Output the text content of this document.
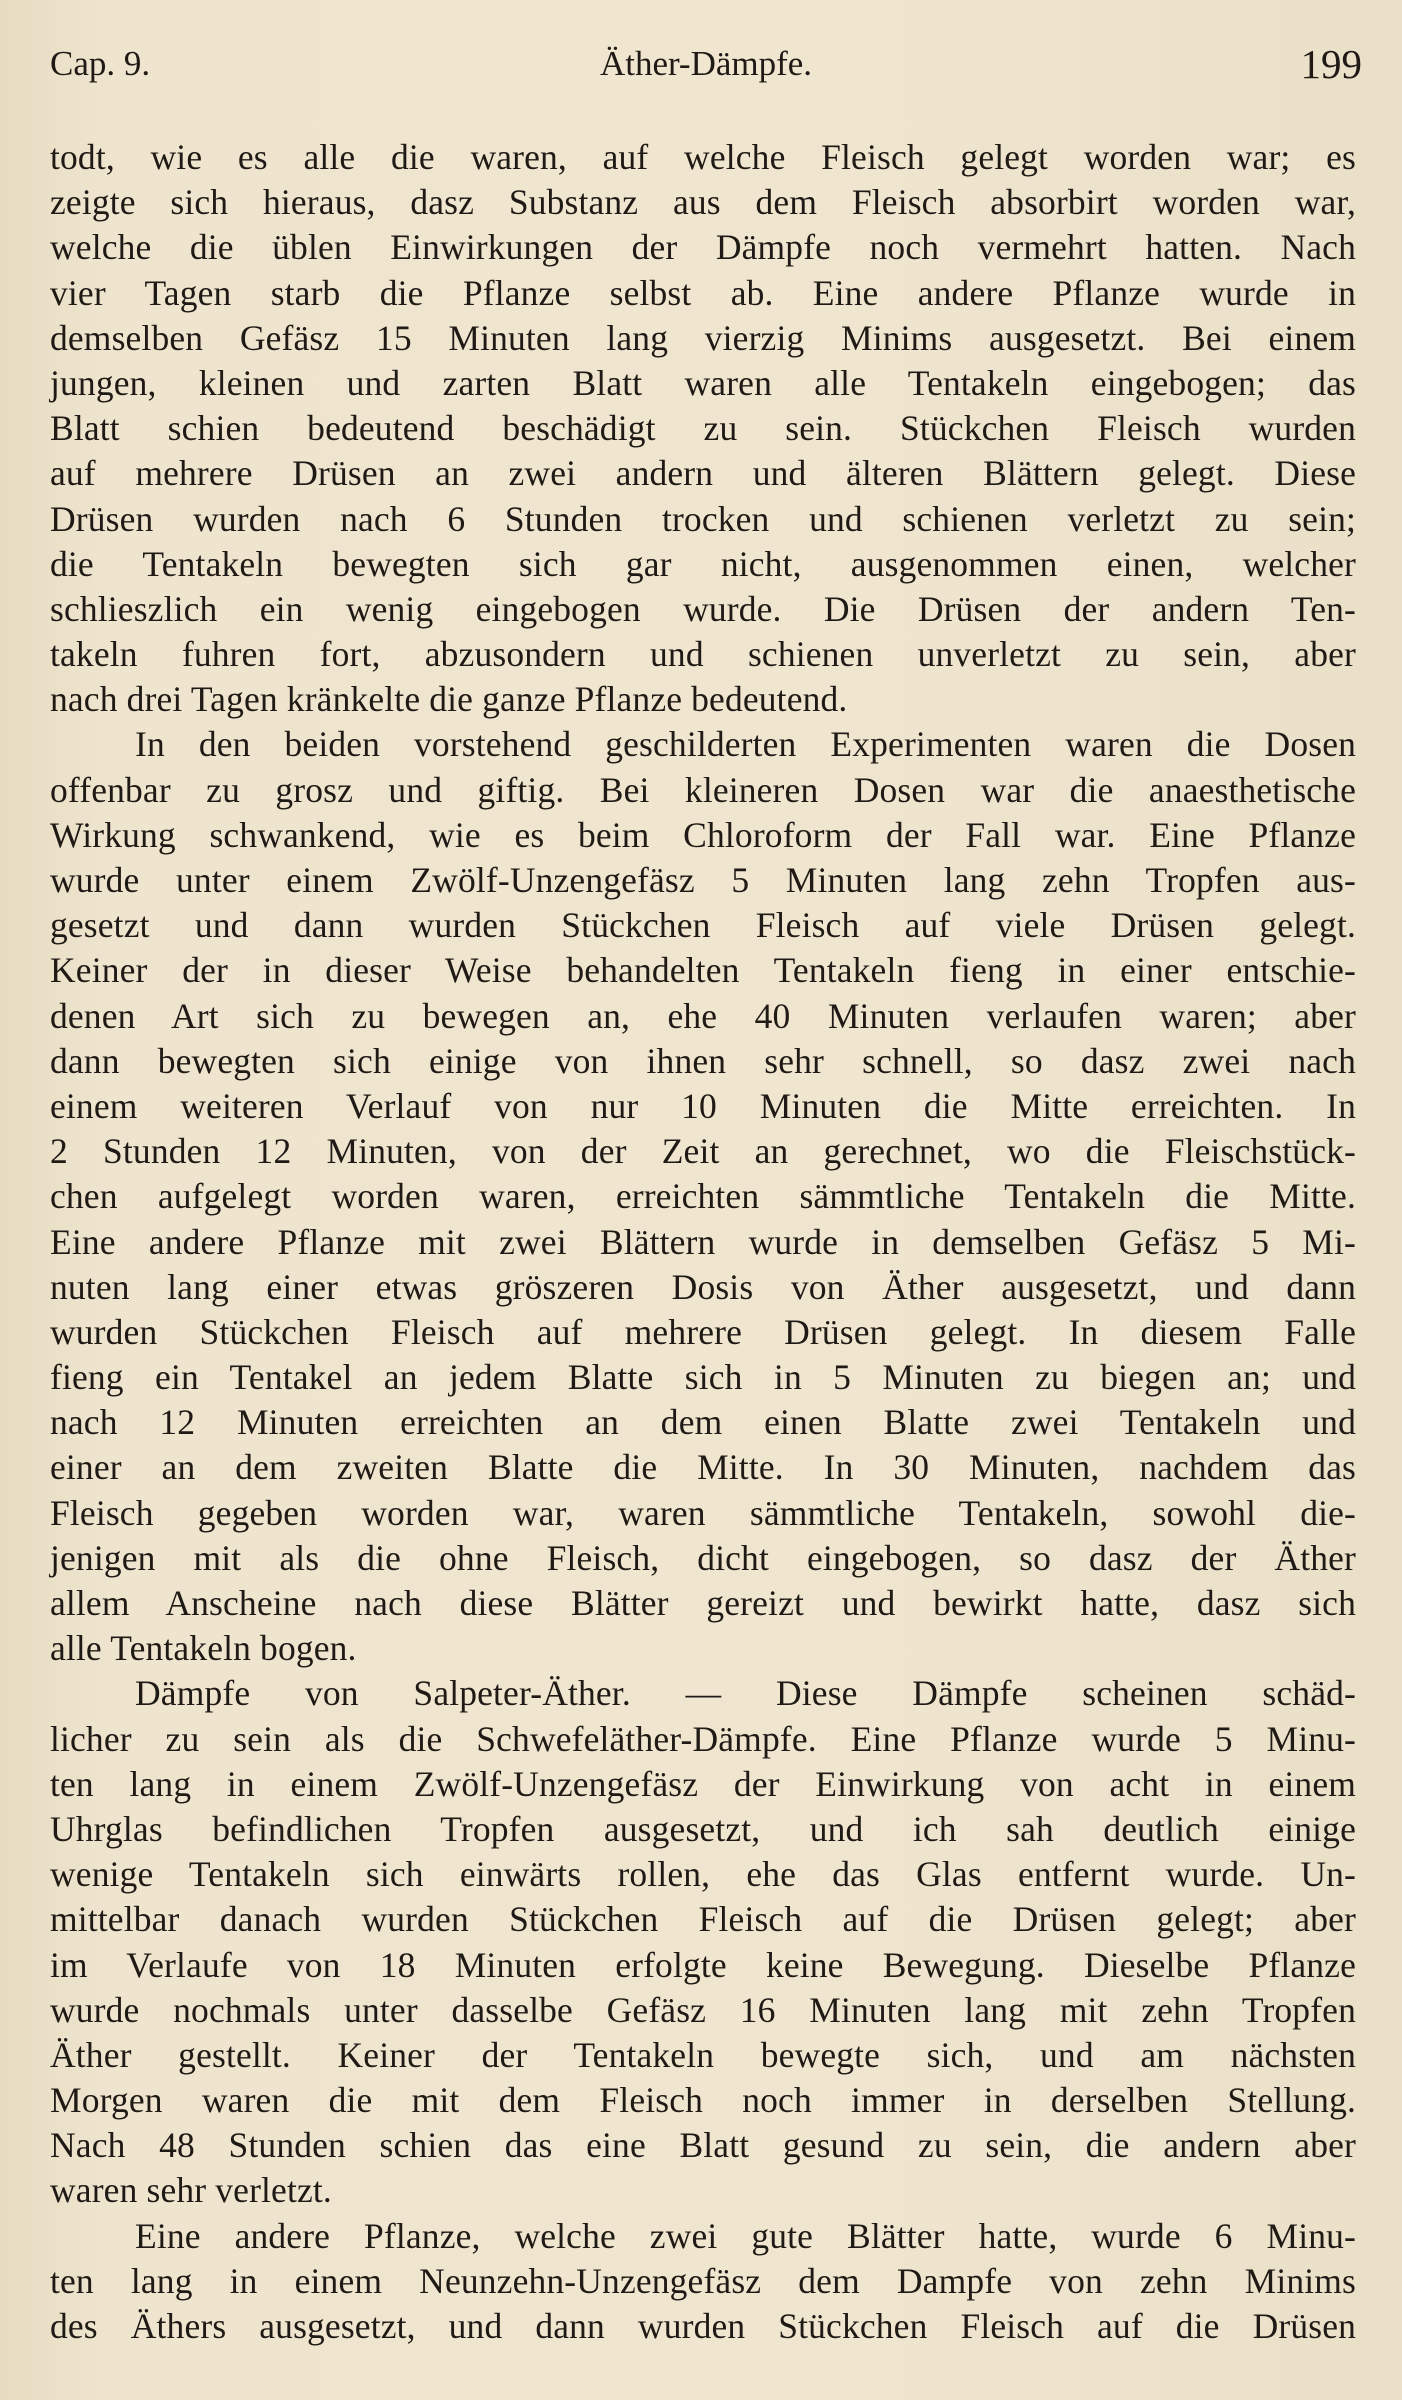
Cap. 9.	Äther-Dämpfe.	199
todt, wie es alle die waren, auf welche Fleisch gelegt worden war; es
zeigte sich hieraus, dasz Substanz aus dem Fleisch absorbirt worden war,
welche die üblen Einwirkungen der Dämpfe noch vermehrt hatten. Nach
vier Tagen starb die Pflanze selbst ab. Eine andere Pflanze wurde in
demselben Gefäsz 15 Minuten lang vierzig Minims ausgesetzt. Bei einem
jungen, kleinen und zarten Blatt waren alle Tentakeln eingebogen; das
Blatt schien bedeutend beschädigt zu sein. Stückchen Fleisch wurden
auf mehrere Drüsen an zwei andern und älteren Blättern gelegt. Diese
Drüsen wurden nach 6 Stunden trocken und schienen verletzt zu sein;
die Tentakeln bewegten sich gar nicht, ausgenommen einen, welcher
schlieszlich ein wenig eingebogen wurde. Die Drüsen der andern Ten-
takeln fuhren fort, abzusondern und schienen unverletzt zu sein, aber
nach drei Tagen kränkelte die ganze Pflanze bedeutend.
In den beiden vorstehend geschilderten Experimenten waren die Dosen
offenbar zu grosz und giftig. Bei kleineren Dosen war die anaesthetische
Wirkung schwankend, wie es beim Chloroform der Fall war. Eine Pflanze
wurde unter einem Zwölf-Unzengefäsz 5 Minuten lang zehn Tropfen aus-
gesetzt und dann wurden Stückchen Fleisch auf viele Drüsen gelegt.
Keiner der in dieser Weise behandelten Tentakeln fieng in einer entschie-
denen Art sich zu bewegen an, ehe 40 Minuten verlaufen waren; aber
dann bewegten sich einige von ihnen sehr schnell, so dasz zwei nach
einem weiteren Verlauf von nur 10 Minuten die Mitte erreichten. In
2 Stunden 12 Minuten, von der Zeit an gerechnet, wo die Fleischstück-
chen aufgelegt worden waren, erreichten sämmtliche Tentakeln die Mitte.
Eine andere Pflanze mit zwei Blättern wurde in demselben Gefäsz 5 Mi-
nuten lang einer etwas gröszeren Dosis von Äther ausgesetzt, und dann
wurden Stückchen Fleisch auf mehrere Drüsen gelegt. In diesem Falle
fieng ein Tentakel an jedem Blatte sich in 5 Minuten zu biegen an; und
nach 12 Minuten erreichten an dem einen Blatte zwei Tentakeln und
einer an dem zweiten Blatte die Mitte. In 30 Minuten, nachdem das
Fleisch gegeben worden war, waren sämmtliche Tentakeln, sowohl die-
jenigen mit als die ohne Fleisch, dicht eingebogen, so dasz der Äther
allem Anscheine nach diese Blätter gereizt und bewirkt hatte, dasz sich
alle Tentakeln bogen.
Dämpfe von Salpeter-Äther. — Diese Dämpfe scheinen schäd-
licher zu sein als die Schwefeläther-Dämpfe. Eine Pflanze wurde 5 Minu-
ten lang in einem Zwölf-Unzengefäsz der Einwirkung von acht in einem
Uhrglas befindlichen Tropfen ausgesetzt, und ich sah deutlich einige
wenige Tentakeln sich einwärts rollen, ehe das Glas entfernt wurde. Un-
mittelbar danach wurden Stückchen Fleisch auf die Drüsen gelegt; aber
im Verlaufe von 18 Minuten erfolgte keine Bewegung. Dieselbe Pflanze
wurde nochmals unter dasselbe Gefäsz 16 Minuten lang mit zehn Tropfen
Äther gestellt. Keiner der Tentakeln bewegte sich, und am nächsten
Morgen waren die mit dem Fleisch noch immer in derselben Stellung.
Nach 48 Stunden schien das eine Blatt gesund zu sein, die andern aber
waren sehr verletzt.
Eine andere Pflanze, welche zwei gute Blätter hatte, wurde 6 Minu-
ten lang in einem Neunzehn-Unzengefäsz dem Dampfe von zehn Minims
des Äthers ausgesetzt, und dann wurden Stückchen Fleisch auf die Drüsen
